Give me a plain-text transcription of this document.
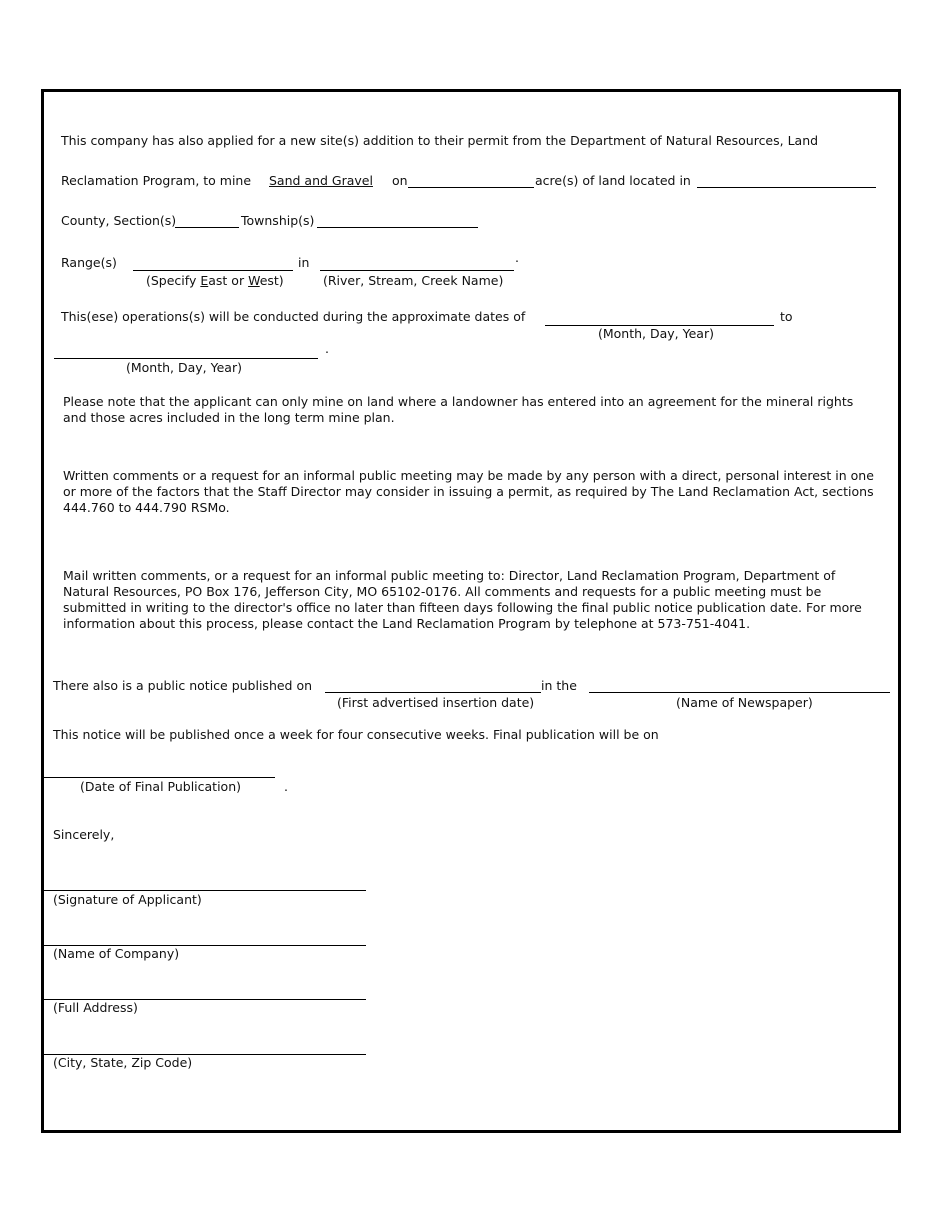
This company has also applied for a new site(s) addition to their permit from the Department of Natural Resources, Land
Reclamation Program, to mine Sand and Gravel on	acre(s) of land located in
County, Section(s)	Township(s)
Range(s)	in	.
(Specify East or West)	(River, Stream, Creek Name)
This(ese) operations(s) will be conducted during the approximate dates of	to
(Month, Day, Year)
.
(Month, Day, Year)
Please note that the applicant can only mine on land where a landowner has entered into an agreement for the mineral rights and those acres included in the long term mine plan.
Written comments or a request for an informal public meeting may be made by any person with a direct, personal interest in one or more of the factors that the Staff Director may consider in issuing a permit, as required by The Land Reclamation Act, sections 444.760 to 444.790 RSMo.
Mail written comments, or a request for an informal public meeting to: Director, Land Reclamation Program, Department of Natural Resources, PO Box 176, Jefferson City, MO 65102-0176. All comments and requests for a public meeting must be submitted in writing to the director's office no later than fifteen days following the final public notice publication date. For more information about this process, please contact the Land Reclamation Program by telephone at 573-751-4041.
There also is a public notice published on	in the
(First advertised insertion date)	(Name of Newspaper)
This notice will be published once a week for four consecutive weeks. Final publication will be on
(Date of Final Publication)	.
Sincerely,
(Signature of Applicant)
(Name of Company)
(Full Address)
(City, State, Zip Code)
